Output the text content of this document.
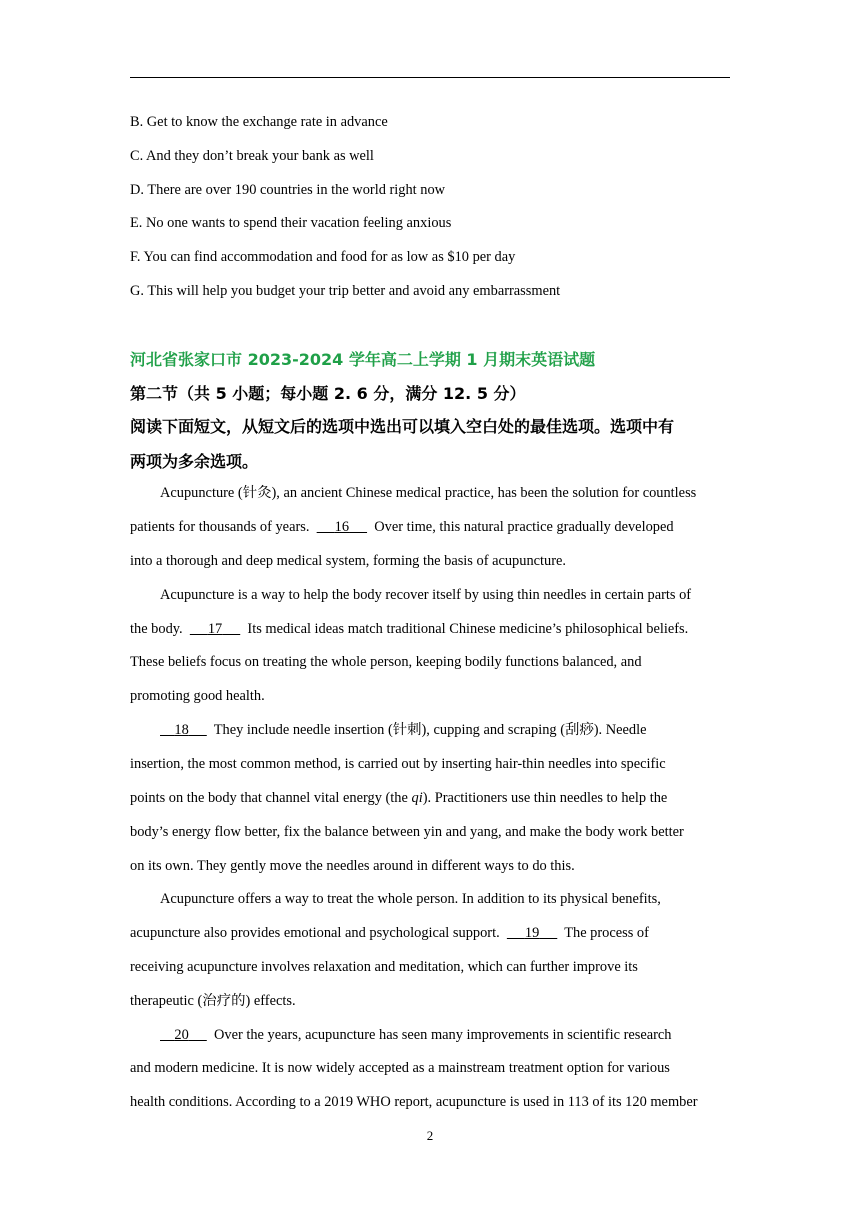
B. Get to know the exchange rate in advance
C. And they don’t break your bank as well
D. There are over 190 countries in the world right now
E. No one wants to spend their vacation feeling anxious
F. You can find accommodation and food for as low as $10 per day
G. This will help you budget your trip better and avoid any embarrassment
河北省张家口市 2023-2024 学年高二上学期 1 月期末英语试题
第二节（共 5 小题；每小题 2. 6 分，满分 12. 5 分）
阅读下面短文，从短文后的选项中选出可以填入空白处的最佳选项。选项中有
两项为多余选项。
Acupuncture (针灸), an ancient Chinese medical practice, has been the solution for countless
patients for thousands of years. 16 Over time, this natural practice gradually developed
into a thorough and deep medical system, forming the basis of acupuncture.
Acupuncture is a way to help the body recover itself by using thin needles in certain parts of
the body. 17 Its medical ideas match traditional Chinese medicine’s philosophical beliefs.
These beliefs focus on treating the whole person, keeping bodily functions balanced, and
promoting good health.
18 They include needle insertion (针刺), cupping and scraping (刮痧). Needle
insertion, the most common method, is carried out by inserting hair-thin needles into specific
points on the body that channel vital energy (the qi). Practitioners use thin needles to help the
body’s energy flow better, fix the balance between yin and yang, and make the body work better
on its own. They gently move the needles around in different ways to do this.
Acupuncture offers a way to treat the whole person. In addition to its physical benefits,
acupuncture also provides emotional and psychological support. 19 The process of
receiving acupuncture involves relaxation and meditation, which can further improve its
therapeutic (治疗的) effects.
20 Over the years, acupuncture has seen many improvements in scientific research
and modern medicine. It is now widely accepted as a mainstream treatment option for various
health conditions. According to a 2019 WHO report, acupuncture is used in 113 of its 120 member
2
